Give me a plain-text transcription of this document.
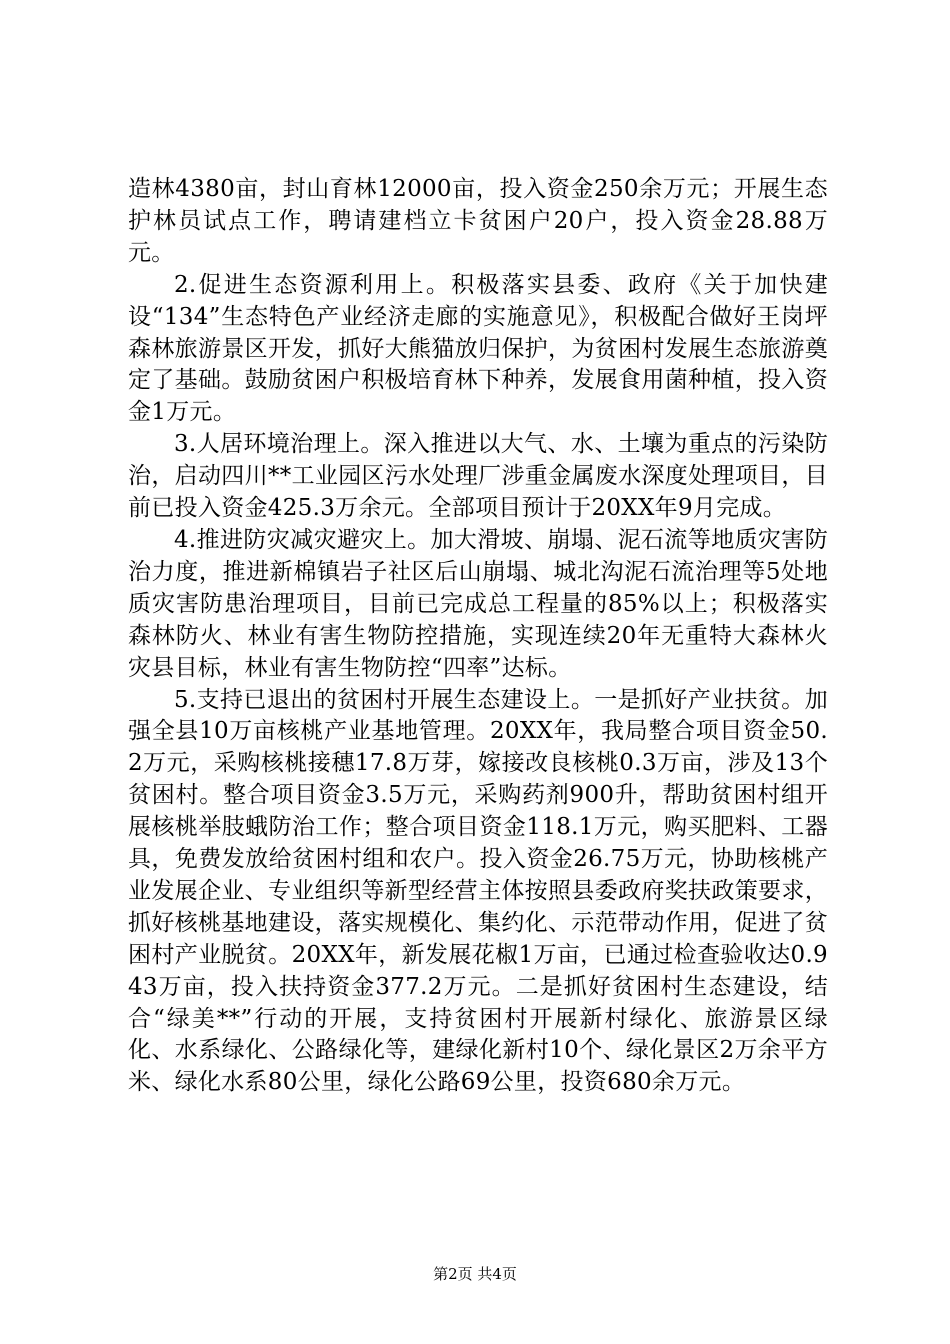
造林4380亩，封山育林12000亩，投入资金250余万元；开展生态护林员试点工作，聘请建档立卡贫困户20户，投入资金28.88万元。

2.促进生态资源利用上。积极落实县委、政府《关于加快建设“134”生态特色产业经济走廊的实施意见》，积极配合做好王岗坪森林旅游景区开发，抓好大熊猫放归保护，为贫困村发展生态旅游奠定了基础。鼓励贫困户积极培育林下种养，发展食用菌种植，投入资金1万元。

3.人居环境治理上。深入推进以大气、水、土壤为重点的污染防治，启动四川**工业园区污水处理厂涉重金属废水深度处理项目，目前已投入资金425.3万余元。全部项目预计于20XX年9月完成。

4.推进防灾减灾避灾上。加大滑坡、崩塌、泥石流等地质灾害防治力度，推进新棉镇岩子社区后山崩塌、城北沟泥石流治理等5处地质灾害防患治理项目，目前已完成总工程量的85%以上；积极落实森林防火、林业有害生物防控措施，实现连续20年无重特大森林火灾县目标，林业有害生物防控“四率”达标。

5.支持已退出的贫困村开展生态建设上。一是抓好产业扶贫。加强全县10万亩核桃产业基地管理。20XX年，我局整合项目资金50.2万元，采购核桃接穗17.8万芽，嫁接改良核桃0.3万亩，涉及13个贫困村。整合项目资金3.5万元，采购药剂900升，帮助贫困村组开展核桃举肢蛾防治工作；整合项目资金118.1万元，购买肥料、工器具，免费发放给贫困村组和农户。投入资金26.75万元，协助核桃产业发展企业、专业组织等新型经营主体按照县委政府奖扶政策要求，抓好核桃基地建设，落实规模化、集约化、示范带动作用，促进了贫困村产业脱贫。20XX年，新发展花椒1万亩，已通过检查验收达0.943万亩，投入扶持资金377.2万元。二是抓好贫困村生态建设，结合“绿美**”行动的开展，支持贫困村开展新村绿化、旅游景区绿化、水系绿化、公路绿化等，建绿化新村10个、绿化景区2万余平方米、绿化水系80公里，绿化公路69公里，投资680余万元。

第2页 共4页
